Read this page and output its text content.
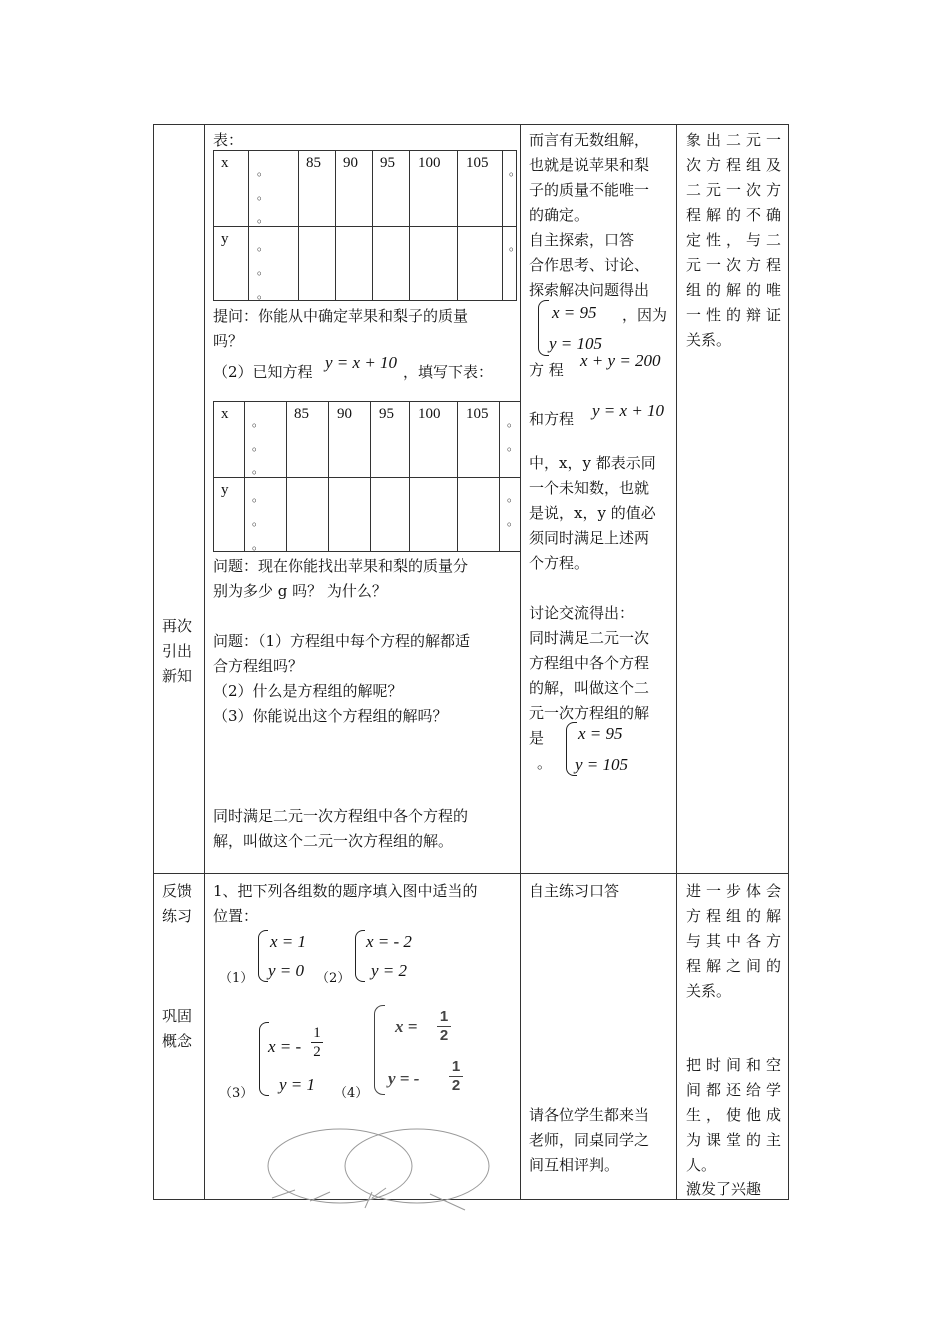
再次
引出
新知
表：
x
y
。
。
。
。
。
。
85 90 95 100 105 。
。
提问：你能从中确定苹果和梨子的质量
吗？
（2）已知方程 y = x + 10 ，填写下表：
x
y
。
。
。
。
。
。
85 90 95 100 105 。
。
。
。
问题：现在你能找出苹果和梨的质量分
别为多少 g 吗？ 为什么？
问题：（1）方程组中每个方程的解都适
合方程组吗？
（2）什么是方程组的解呢？
（3）你能说出这个方程组的解吗？
同时满足二元一次方程组中各个方程的
解，叫做这个二元一次方程组的解。
而言有无数组解，
也就是说苹果和梨
子的质量不能唯一
的确定。
自主探索，口答
合作思考、讨论、
探索解决问题得出
x = 95
y = 105
，因为
方 程 x + y = 200
和方程 y = x + 10
中，x，y 都表示同
一个未知数，也就
是说，x，y 的值必
须同时满足上述两
个方程。
讨论交流得出：
同时满足二元一次
方程组中各个方程
的解，叫做这个二
元一次方程组的解
是
。
x = 95
y = 105
象出二元一
次方程组及
二元一次方
程解的不确
定性，与二
元一次方程
组的解的唯
一性的辩证
关系。
反馈
练习
巩固
概念
1、把下列各组数的题序填入图中适当的
位置：
（1）
x = 1
y = 0 （2）
x = - 2
y = 2
（3）
x = -
1
2
y = 1 （4）
x =
1
2
y = -
1
2
自主练习口答
请各位学生都来当
老师，同桌同学之
间互相评判。
进一步体会
方程组的解
与其中各方
程解之间的
关系。
把时间和空
间都还给学
生，使他成
为课堂的主
人。
激发了兴趣
